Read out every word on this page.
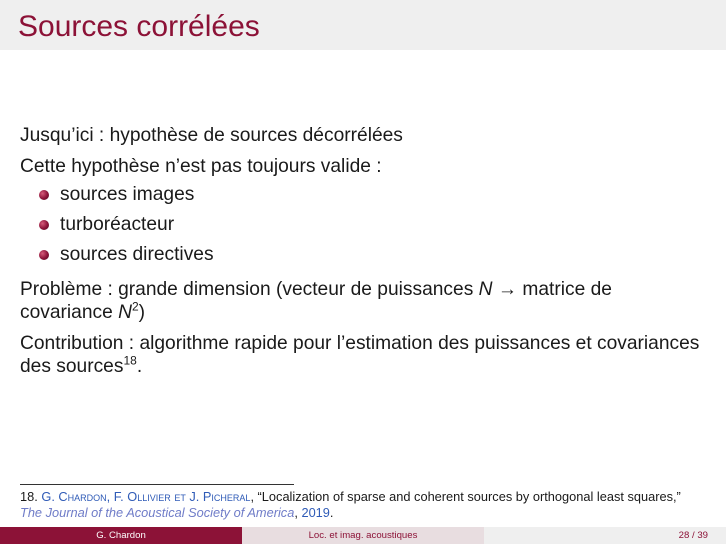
Sources corrélées

Jusqu’ici : hypothèse de sources décorrélées

Cette hypothèse n’est pas toujours valide :

sources images
turboréacteur
sources directives

Problème : grande dimension (vecteur de puissances N → matrice de covariance $N^2$)

Contribution : algorithme rapide pour l’estimation des puissances et covariances des sources$^{18}$.

18. G. Chardon, F. Ollivier et J. Picheral, “Localization of sparse and coherent sources by orthogonal least squares,” The Journal of the Acoustical Society of America, 2019.
G. Chardon	Loc. et imag. acoustiques	28 / 39
